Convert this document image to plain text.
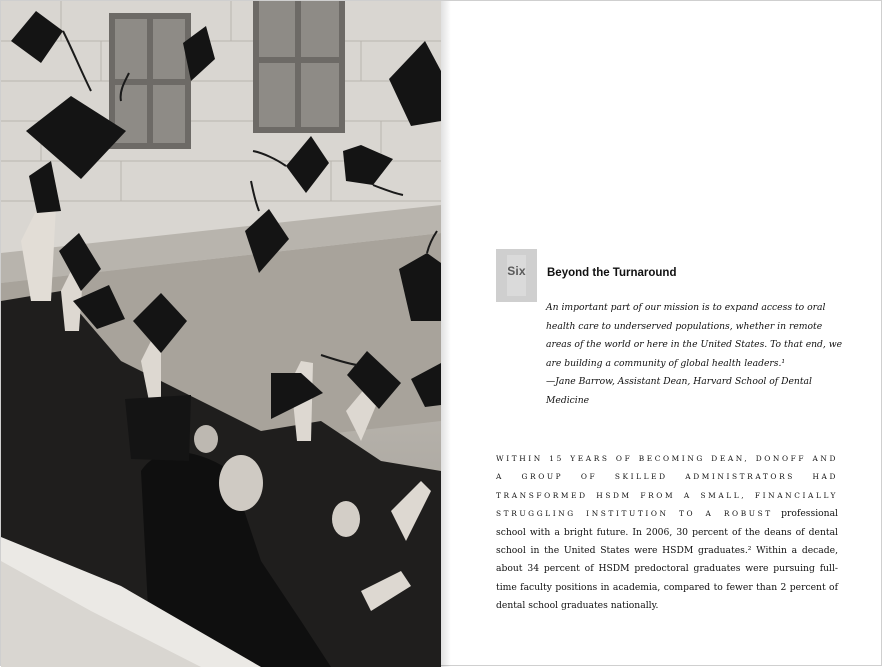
Six	Beyond the Turnaround

An important part of our mission is to expand access to oral health care to underserved populations, whether in remote areas of the world or here in the United States. To that end, we are building a community of global health leaders.¹

—Jane Barrow, Assistant Dean, Harvard School of Dental Medicine

WITHIN 15 YEARS OF BECOMING DEAN, DONOFF AND A GROUP OF SKILLED ADMINISTRATORS HAD TRANSFORMED HSDM FROM A SMALL, FINANCIALLY STRUGGLING INSTITUTION TO A ROBUST professional school with a bright future. In 2006, 30 percent of the deans of dental school in the United States were HSDM graduates.² Within a decade, about 34 percent of HSDM predoctoral graduates were pursuing full-time faculty positions in academia, compared to fewer than 2 percent of dental school graduates nationally.
